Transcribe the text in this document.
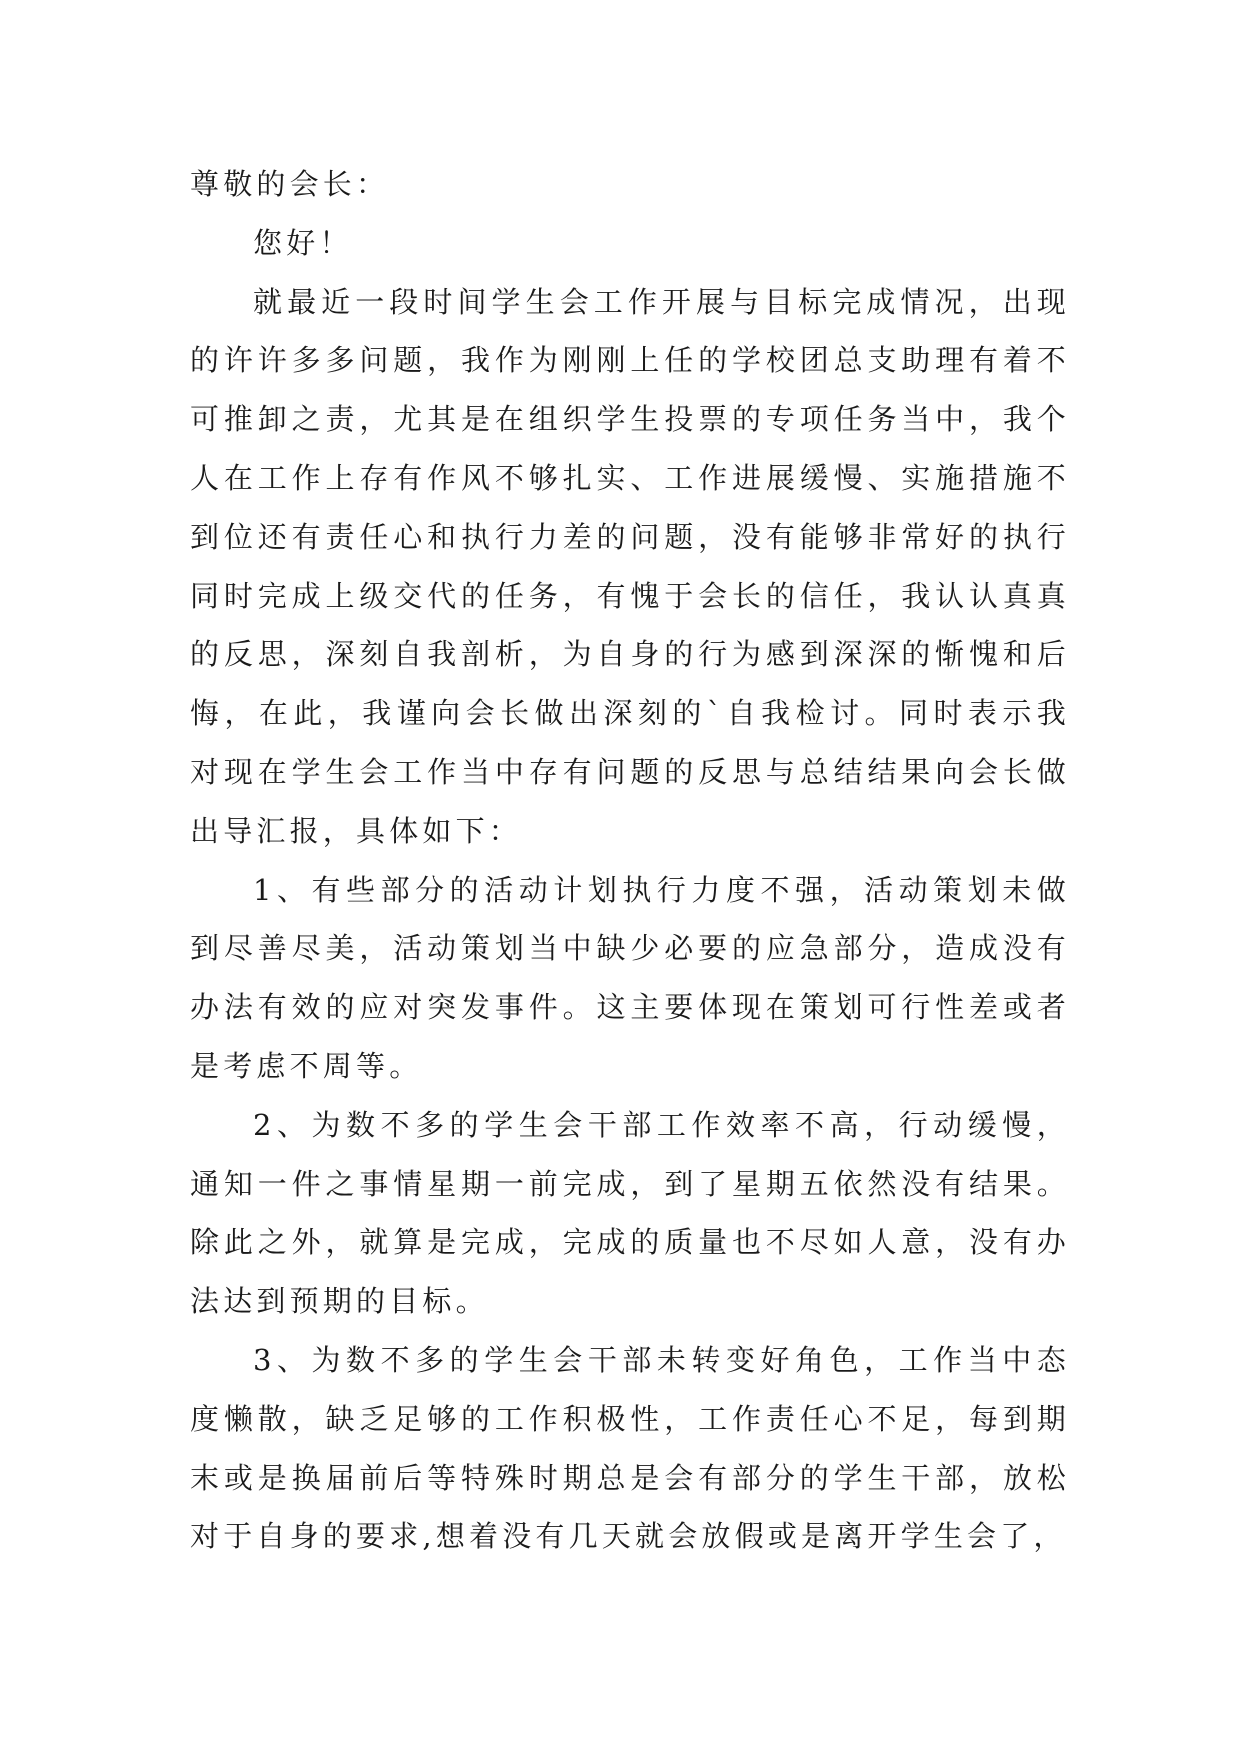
尊敬的会长：

您好！

就最近一段时间学生会工作开展与目标完成情况，出现的许许多多问题，我作为刚刚上任的学校团总支助理有着不可推卸之责，尤其是在组织学生投票的专项任务当中，我个人在工作上存有作风不够扎实、工作进展缓慢、实施措施不到位还有责任心和执行力差的问题，没有能够非常好的执行同时完成上级交代的任务，有愧于会长的信任，我认认真真的反思，深刻自我剖析，为自身的行为感到深深的惭愧和后悔，在此，我谨向会长做出深刻的`自我检讨。同时表示我对现在学生会工作当中存有问题的反思与总结结果向会长做出导汇报，具体如下：

1、有些部分的活动计划执行力度不强，活动策划未做到尽善尽美，活动策划当中缺少必要的应急部分，造成没有办法有效的应对突发事件。这主要体现在策划可行性差或者是考虑不周等。

2、为数不多的学生会干部工作效率不高，行动缓慢，通知一件之事情星期一前完成，到了星期五依然没有结果。除此之外，就算是完成，完成的质量也不尽如人意，没有办法达到预期的目标。

3、为数不多的学生会干部未转变好角色，工作当中态度懒散，缺乏足够的工作积极性，工作责任心不足，每到期末或是换届前后等特殊时期总是会有部分的学生干部，放松对于自身的要求,想着没有几天就会放假或是离开学生会了，
